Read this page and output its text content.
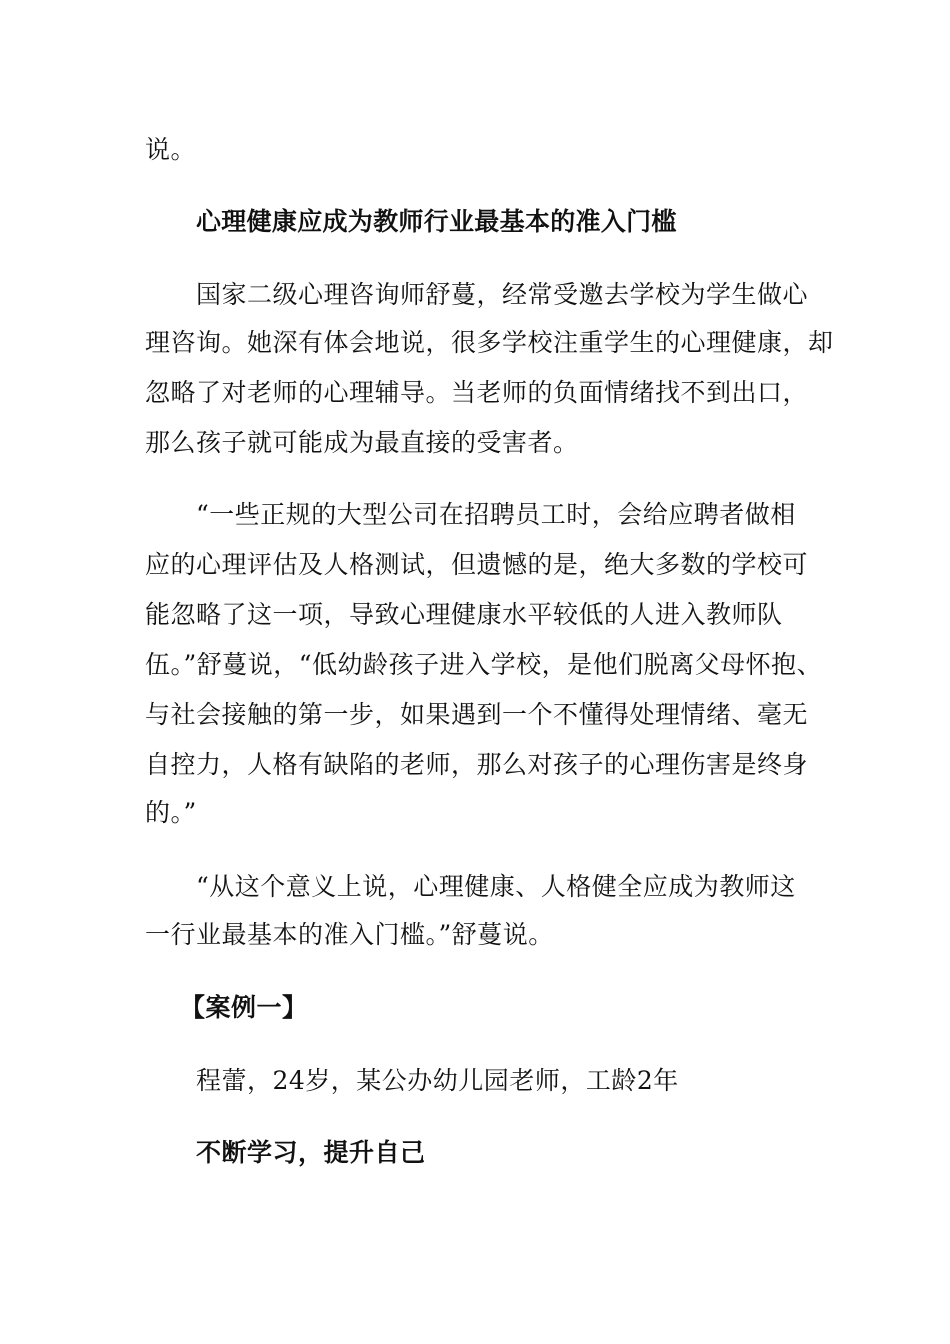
说。
心理健康应成为教师行业最基本的准入门槛
国家二级心理咨询师舒蔓，经常受邀去学校为学生做心
理咨询。她深有体会地说，很多学校注重学生的心理健康，却
忽略了对老师的心理辅导。当老师的负面情绪找不到出口，
那么孩子就可能成为最直接的受害者。
“一些正规的大型公司在招聘员工时，会给应聘者做相
应的心理评估及人格测试，但遗憾的是，绝大多数的学校可
能忽略了这一项，导致心理健康水平较低的人进入教师队
伍。”舒蔓说，“低幼龄孩子进入学校，是他们脱离父母怀抱、
与社会接触的第一步，如果遇到一个不懂得处理情绪、毫无
自控力，人格有缺陷的老师，那么对孩子的心理伤害是终身
的。”
“从这个意义上说，心理健康、人格健全应成为教师这
一行业最基本的准入门槛。”舒蔓说。
【案例一】
程蕾，24岁，某公办幼儿园老师，工龄2年
不断学习，提升自己
